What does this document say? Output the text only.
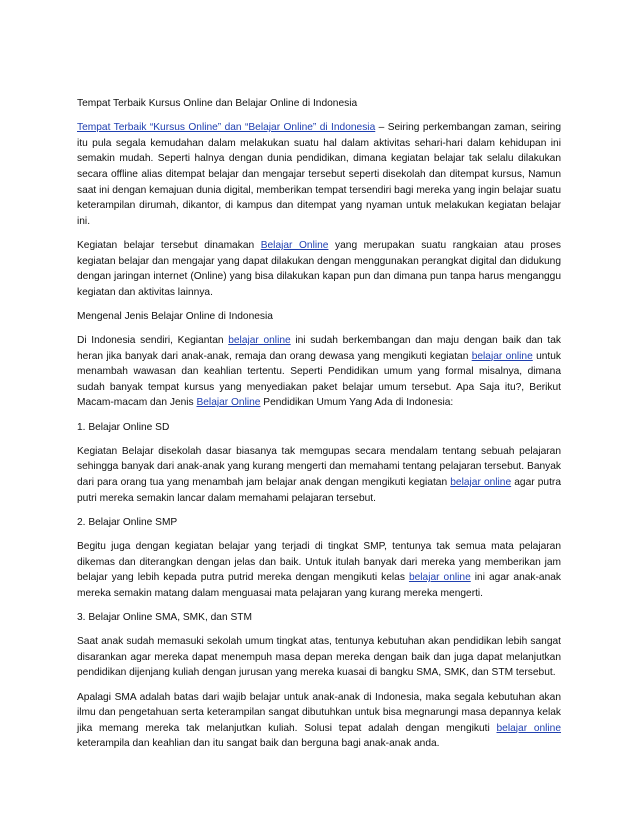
Tempat Terbaik Kursus Online dan Belajar Online di Indonesia

Tempat Terbaik “Kursus Online” dan “Belajar Online” di Indonesia – Seiring perkembangan zaman, seiring itu pula segala kemudahan dalam melakukan suatu hal dalam aktivitas sehari-hari dalam kehidupan ini semakin mudah. Seperti halnya dengan dunia pendidikan, dimana kegiatan belajar tak selalu dilakukan secara offline alias ditempat belajar dan mengajar tersebut seperti disekolah dan ditempat kursus, Namun saat ini dengan kemajuan dunia digital, memberikan tempat tersendiri bagi mereka yang ingin belajar suatu keterampilan dirumah, dikantor, di kampus dan ditempat yang nyaman untuk melakukan kegiatan belajar ini.

Kegiatan belajar tersebut dinamakan Belajar Online yang merupakan suatu rangkaian atau proses kegiatan belajar dan mengajar yang dapat dilakukan dengan menggunakan perangkat digital dan didukung dengan jaringan internet (Online) yang bisa dilakukan kapan pun dan dimana pun tanpa harus menganggu kegiatan dan aktivitas lainnya.

Mengenal Jenis Belajar Online di Indonesia

Di Indonesia sendiri, Kegiantan belajar online ini sudah berkembangan dan maju dengan baik dan tak heran jika banyak dari anak-anak, remaja dan orang dewasa yang mengikuti kegiatan belajar online untuk menambah wawasan dan keahlian tertentu. Seperti Pendidikan umum yang formal misalnya, dimana sudah banyak tempat kursus yang menyediakan paket belajar umum tersebut. Apa Saja itu?, Berikut Macam-macam dan Jenis Belajar Online Pendidikan Umum Yang Ada di Indonesia:

1. Belajar Online SD

Kegiatan Belajar disekolah dasar biasanya tak memgupas secara mendalam tentang sebuah pelajaran sehingga banyak dari anak-anak yang kurang mengerti dan memahami tentang pelajaran tersebut. Banyak dari para orang tua yang menambah jam belajar anak dengan mengikuti kegiatan belajar online agar putra putri mereka semakin lancar dalam memahami pelajaran tersebut.

2. Belajar Online SMP

Begitu juga dengan kegiatan belajar yang terjadi di tingkat SMP, tentunya tak semua mata pelajaran dikemas dan diterangkan dengan jelas dan baik. Untuk itulah banyak dari mereka yang memberikan jam belajar yang lebih kepada putra putrid mereka dengan mengikuti kelas belajar online ini agar anak-anak mereka semakin matang dalam menguasai mata pelajaran yang kurang mereka mengerti.

3. Belajar Online SMA, SMK, dan STM

Saat anak sudah memasuki sekolah umum tingkat atas, tentunya kebutuhan akan pendidikan lebih sangat disarankan agar mereka dapat menempuh masa depan mereka dengan baik dan juga dapat melanjutkan pendidikan dijenjang kuliah dengan jurusan yang mereka kuasai di bangku SMA, SMK, dan STM tersebut.

Apalagi SMA adalah batas dari wajib belajar untuk anak-anak di Indonesia, maka segala kebutuhan akan ilmu dan pengetahuan serta keterampilan sangat dibutuhkan untuk bisa megnarungi masa depannya kelak jika memang mereka tak melanjutkan kuliah. Solusi tepat adalah dengan mengikuti belajar online keterampila dan keahlian dan itu sangat baik dan berguna bagi anak-anak anda.
